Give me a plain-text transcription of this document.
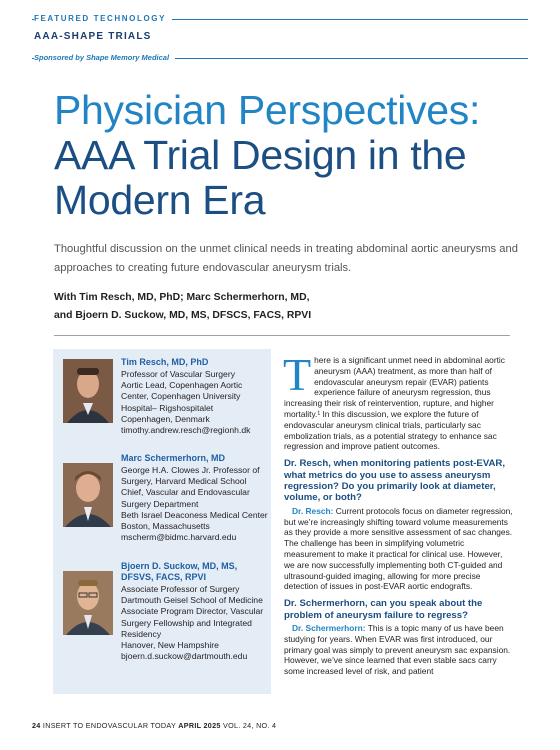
FEATURED TECHNOLOGY
AAA-SHAPE TRIALS
Sponsored by Shape Memory Medical
Physician Perspectives:
AAA Trial Design in the
Modern Era

Thoughtful discussion on the unmet clinical needs in treating abdominal aortic aneurysms and approaches to creating future endovascular aneurysm trials.

With Tim Resch, MD, PhD; Marc Schermerhorn, MD,
and Bjoern D. Suckow, MD, MS, DFSCS, FACS, RPVI
Tim Resch, MD, PhD
Professor of Vascular Surgery
Aortic Lead, Copenhagen Aortic
Center, Copenhagen University
Hospital– Rigshospitalet
Copenhagen, Denmark
timothy.andrew.resch@regionh.dk
Marc Schermerhorn, MD
George H.A. Clowes Jr. Professor of
Surgery, Harvard Medical School
Chief, Vascular and Endovascular
Surgery Department
Beth Israel Deaconess Medical Center
Boston, Massachusetts
mscherm@bidmc.harvard.edu
Bjoern D. Suckow, MD, MS,
DFSVS, FACS, RPVI
Associate Professor of Surgery
Dartmouth Geisel School of Medicine
Associate Program Director, Vascular
Surgery Fellowship and Integrated
Residency
Hanover, New Hampshire
bjoern.d.suckow@dartmouth.edu

There is a significant unmet need in abdominal aortic aneurysm (AAA) treatment, as more than half of endovascular aneurysm repair (EVAR) patients experience failure of aneurysm regression, thus increasing their risk of reintervention, rupture, and higher mortality.¹ In this discussion, we explore the future of endovascular aneurysm clinical trials, particularly sac embolization trials, as a potential strategy to enhance sac regression and improve patient outcomes.

Dr. Resch, when monitoring patients post-EVAR, what metrics do you use to assess aneurysm regression? Do you primarily look at diameter, volume, or both?

Dr. Resch: Current protocols focus on diameter regression, but we’re increasingly shifting toward volume measurements as they provide a more sensitive assessment of sac changes. The challenge has been in simplifying volumetric measurement to make it practical for clinical use. However, we are now successfully implementing both CT-guided and ultrasound-guided imaging, allowing for more precise detection of issues in post-EVAR aortic endografts.

Dr. Schermerhorn, can you speak about the problem of aneurysm failure to regress?

Dr. Schermerhorn: This is a topic many of us have been studying for years. When EVAR was first introduced, our primary goal was simply to prevent aneurysm sac expansion. However, we’ve since learned that even stable sacs carry some increased level of risk, and patient

24 INSERT TO ENDOVASCULAR TODAY APRIL 2025 VOL. 24, NO. 4
